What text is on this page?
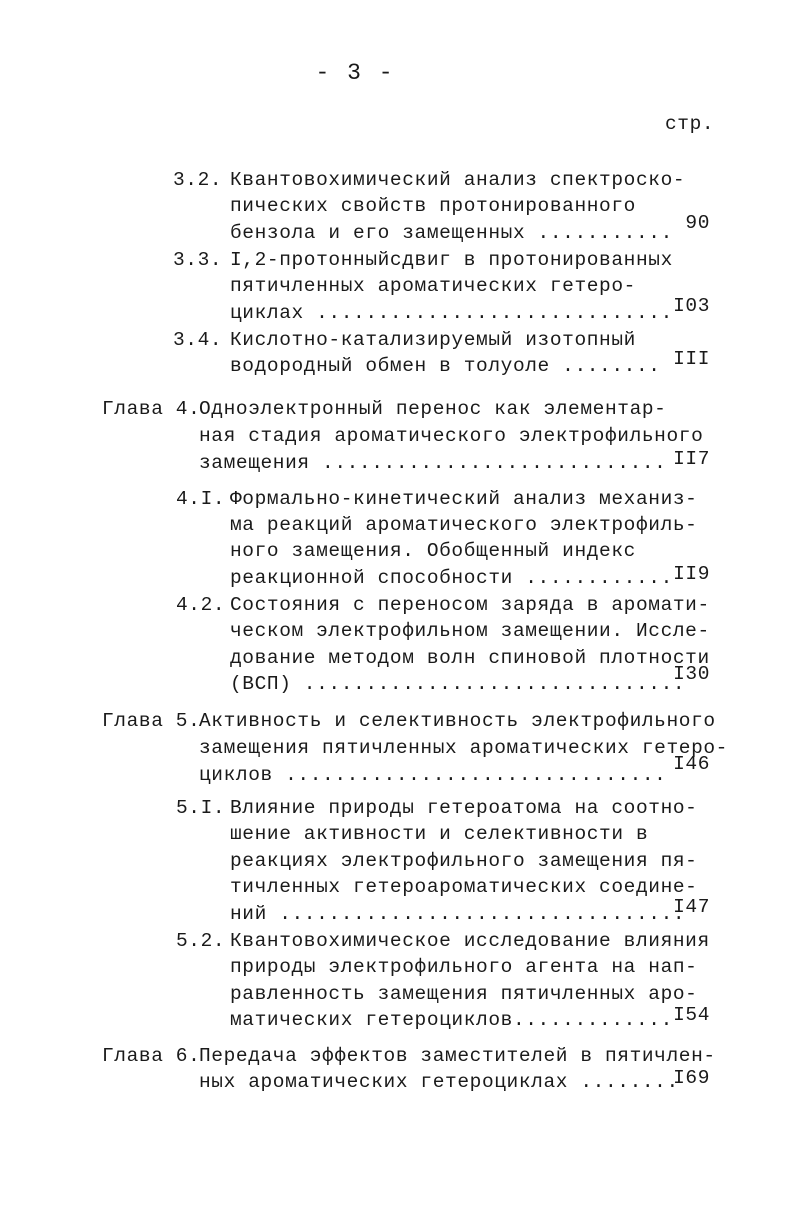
- 3 -
стр.
3.2. Квантовохимический анализ спектроско-
пических свойств протонированного
бензола и его замещенных ........... 90
3.3. I,2-протонныйсдвиг в протонированных
пятичленных ароматических гетеро-
циклах ............................. I03
3.4. Кислотно-катализируемый изотопный
водородный обмен в толуоле ........ III
Глава 4.
Одноэлектронный перенос как элементар-
ная стадия ароматического электрофильного
замещения ............................ II7
4.I. Формально-кинетический анализ механиз-
ма реакций ароматического электрофиль-
ного замещения. Обобщенный индекс
реакционной способности ............ II9
4.2. Состояния с переносом заряда в аромати-
ческом электрофильном замещении. Иссле-
дование методом волн спиновой плотности
(ВСП) ...............................
I30
Глава 5.
Активность и селективность электрофильного
замещения пятичленных ароматических гетеро-
циклов ............................... I46
5.I. Влияние природы гетероатома на соотно-
шение активности и селективности в
реакциях электрофильного замещения пя-
тичленных гетероароматических соедине-
ний .................................
I47
5.2. Квантовохимическое исследование влияния
природы электрофильного агента на нап-
равленность замещения пятичленных аро-
матических гетероциклов............. I54
Глава 6.
Передача эффектов заместителей в пятичлен-
ных ароматических гетероциклах ........
I69
